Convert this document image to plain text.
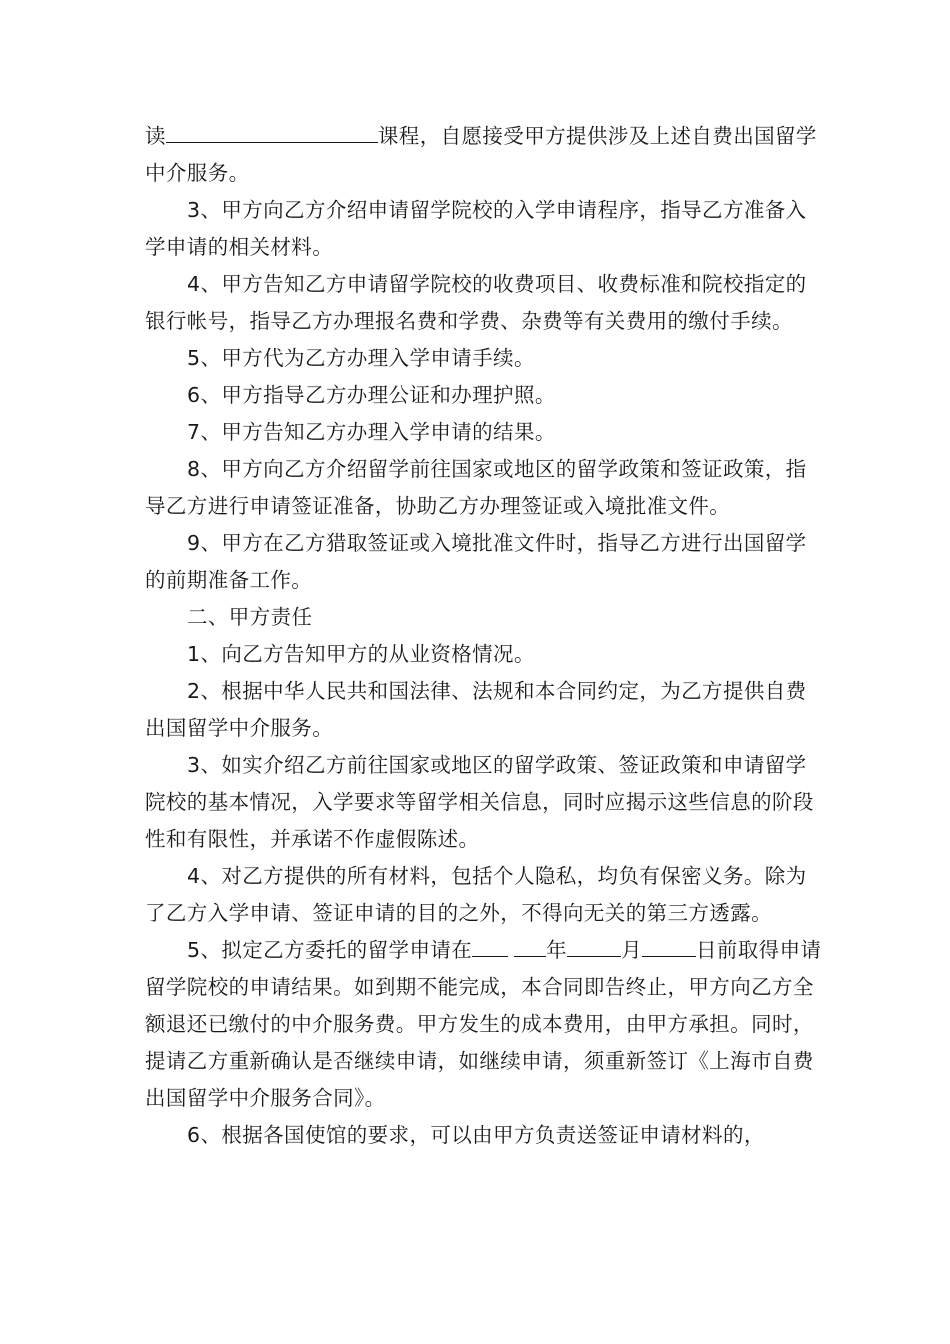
读	课程，自愿接受甲方提供涉及上述自费出国留学中介服务。

3、甲方向乙方介绍申请留学院校的入学申请程序，指导乙方准备入学申请的相关材料。

4、甲方告知乙方申请留学院校的收费项目、收费标准和院校指定的银行帐号，指导乙方办理报名费和学费、杂费等有关费用的缴付手续。

5、甲方代为乙方办理入学申请手续。

6、甲方指导乙方办理公证和办理护照。

7、甲方告知乙方办理入学申请的结果。

8、甲方向乙方介绍留学前往国家或地区的留学政策和签证政策，指导乙方进行申请签证准备，协助乙方办理签证或入境批准文件。

9、甲方在乙方猎取签证或入境批准文件时，指导乙方进行出国留学的前期准备工作。

二、甲方责任

1、向乙方告知甲方的从业资格情况。

2、根据中华人民共和国法律、法规和本合同约定，为乙方提供自费出国留学中介服务。

3、如实介绍乙方前往国家或地区的留学政策、签证政策和申请留学院校的基本情况，入学要求等留学相关信息，同时应揭示这些信息的阶段性和有限性，并承诺不作虚假陈述。

4、对乙方提供的所有材料，包括个人隐私，均负有保密义务。除为了乙方入学申请、签证申请的目的之外，不得向无关的第三方透露。

5、拟定乙方委托的留学申请在	年	月	日前取得申请留学院校的申请结果。如到期不能完成，本合同即告终止，甲方向乙方全额退还已缴付的中介服务费。甲方发生的成本费用，由甲方承担。同时，提请乙方重新确认是否继续申请，如继续申请，须重新签订《上海市自费出国留学中介服务合同》。

6、根据各国使馆的要求，可以由甲方负责送签证申请材料的，
